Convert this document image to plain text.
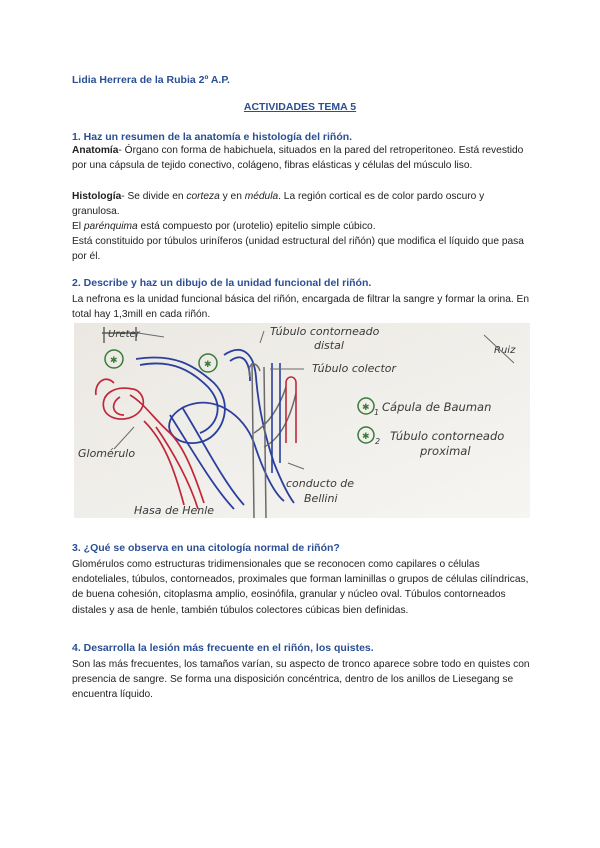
Lidia Herrera de la Rubia 2º A.P.
ACTIVIDADES TEMA 5
1. Haz un resumen de la anatomía e histología del riñón.
Anatomía- Órgano con forma de habichuela, situados en la pared del retroperitoneo. Está revestido por una cápsula de tejido conectivo, colágeno, fibras elásticas y células del músculo liso.
Histología- Se divide en corteza y en médula. La región cortical es de color pardo oscuro y granulosa.
El parénquima está compuesto por (urotelio) epitelio simple cúbico.
Está constituido por túbulos uriníferos (unidad estructural del riñón) que modifica el líquido que pasa por él.
2. Describe y haz un dibujo de la unidad funcional del riñón.
La nefrona es la unidad funcional básica del riñón, encargada de filtrar la sangre y formar la orina. En total hay 1,3mill en cada riñón.
✱	✱
✱ 1
✱ 2
Ureter	Túbulo contorneado
distal
Túbulo colector
Cápula de Bauman
Túbulo contorneado
proximal
Glomérulo
conducto de
Bellini
Hasa de Henle
Ruiz
3. ¿Qué se observa en una citología normal de riñón?
Glomérulos como estructuras tridimensionales que se reconocen como capilares o células endoteliales, túbulos, contorneados, proximales que forman laminillas o grupos de células cilíndricas, de buena cohesión, citoplasma amplio, eosinófila, granular y núcleo oval. Túbulos contorneados distales y asa de henle, también túbulos colectores cúbicas bien definidas.
4. Desarrolla la lesión más frecuente en el riñón, los quistes.
Son las más frecuentes, los tamaños varían, su aspecto de tronco aparece sobre todo en quistes con presencia de sangre. Se forma una disposición concéntrica, dentro de los anillos de Liesegang se encuentra líquido.
